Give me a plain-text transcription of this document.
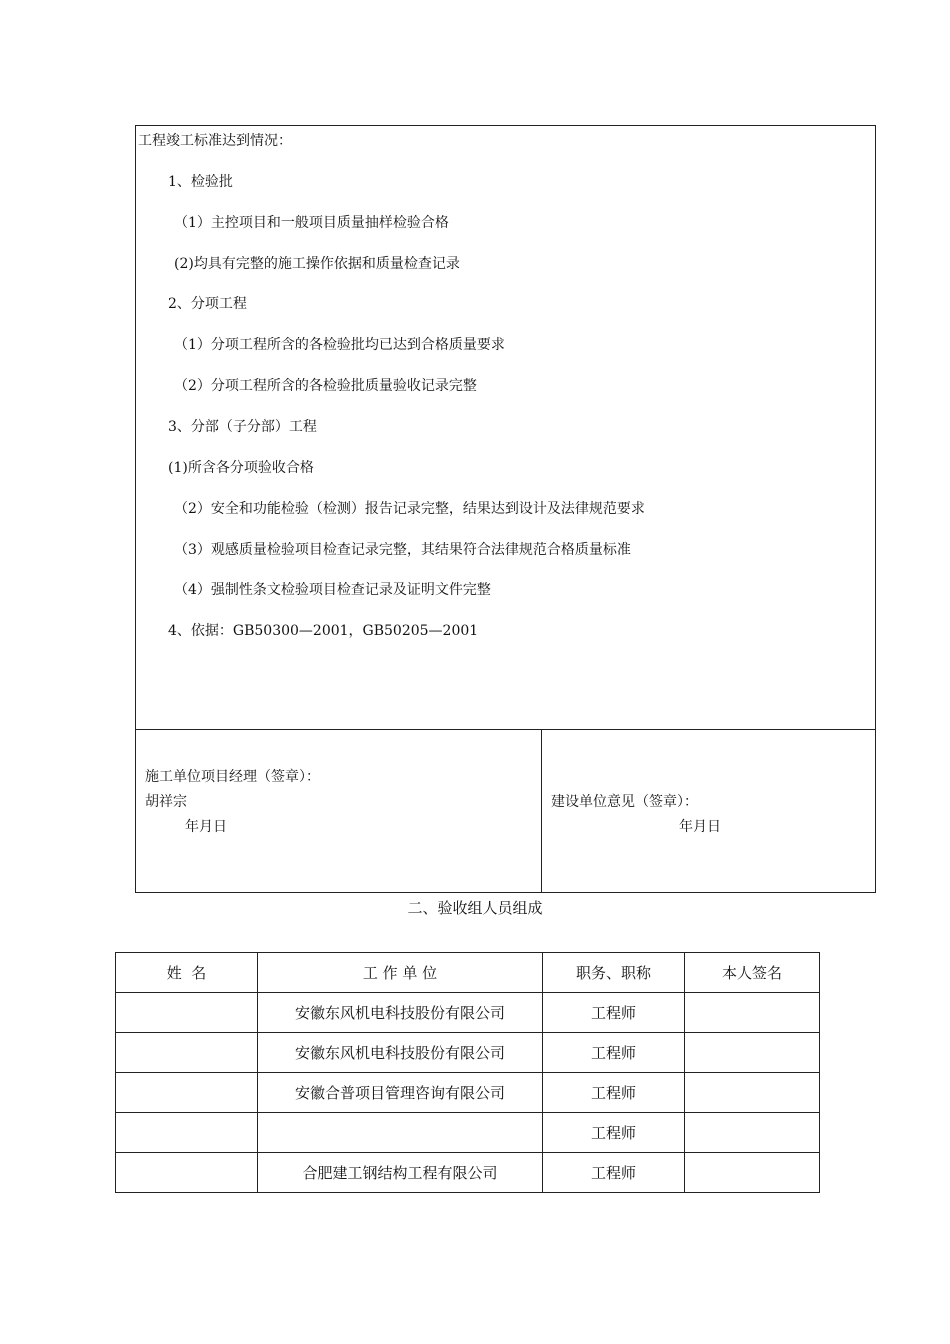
工程竣工标准达到情况：
1、检验批
（1）主控项目和一般项目质量抽样检验合格
(2)均具有完整的施工操作依据和质量检查记录
2、分项工程
（1）分项工程所含的各检验批均已达到合格质量要求
（2）分项工程所含的各检验批质量验收记录完整
3、分部（子分部）工程
(1)所含各分项验收合格
（2）安全和功能检验（检测）报告记录完整，结果达到设计及法律规范要求
（3）观感质量检验项目检查记录完整，其结果符合法律规范合格质量标准
（4）强制性条文检验项目检查记录及证明文件完整
4、依据：GB50300—2001，GB50205—2001
施工单位项目经理（签章）：
胡祥宗
年月日
建设单位意见（签章）：
年月日
二、验收组人员组成
姓  名	工 作 单 位	职务、职称	本人签名
	安徽东风机电科技股份有限公司	工程师	
	安徽东风机电科技股份有限公司	工程师	
	安徽合普项目管理咨询有限公司	工程师	
		工程师	
	合肥建工钢结构工程有限公司	工程师	
